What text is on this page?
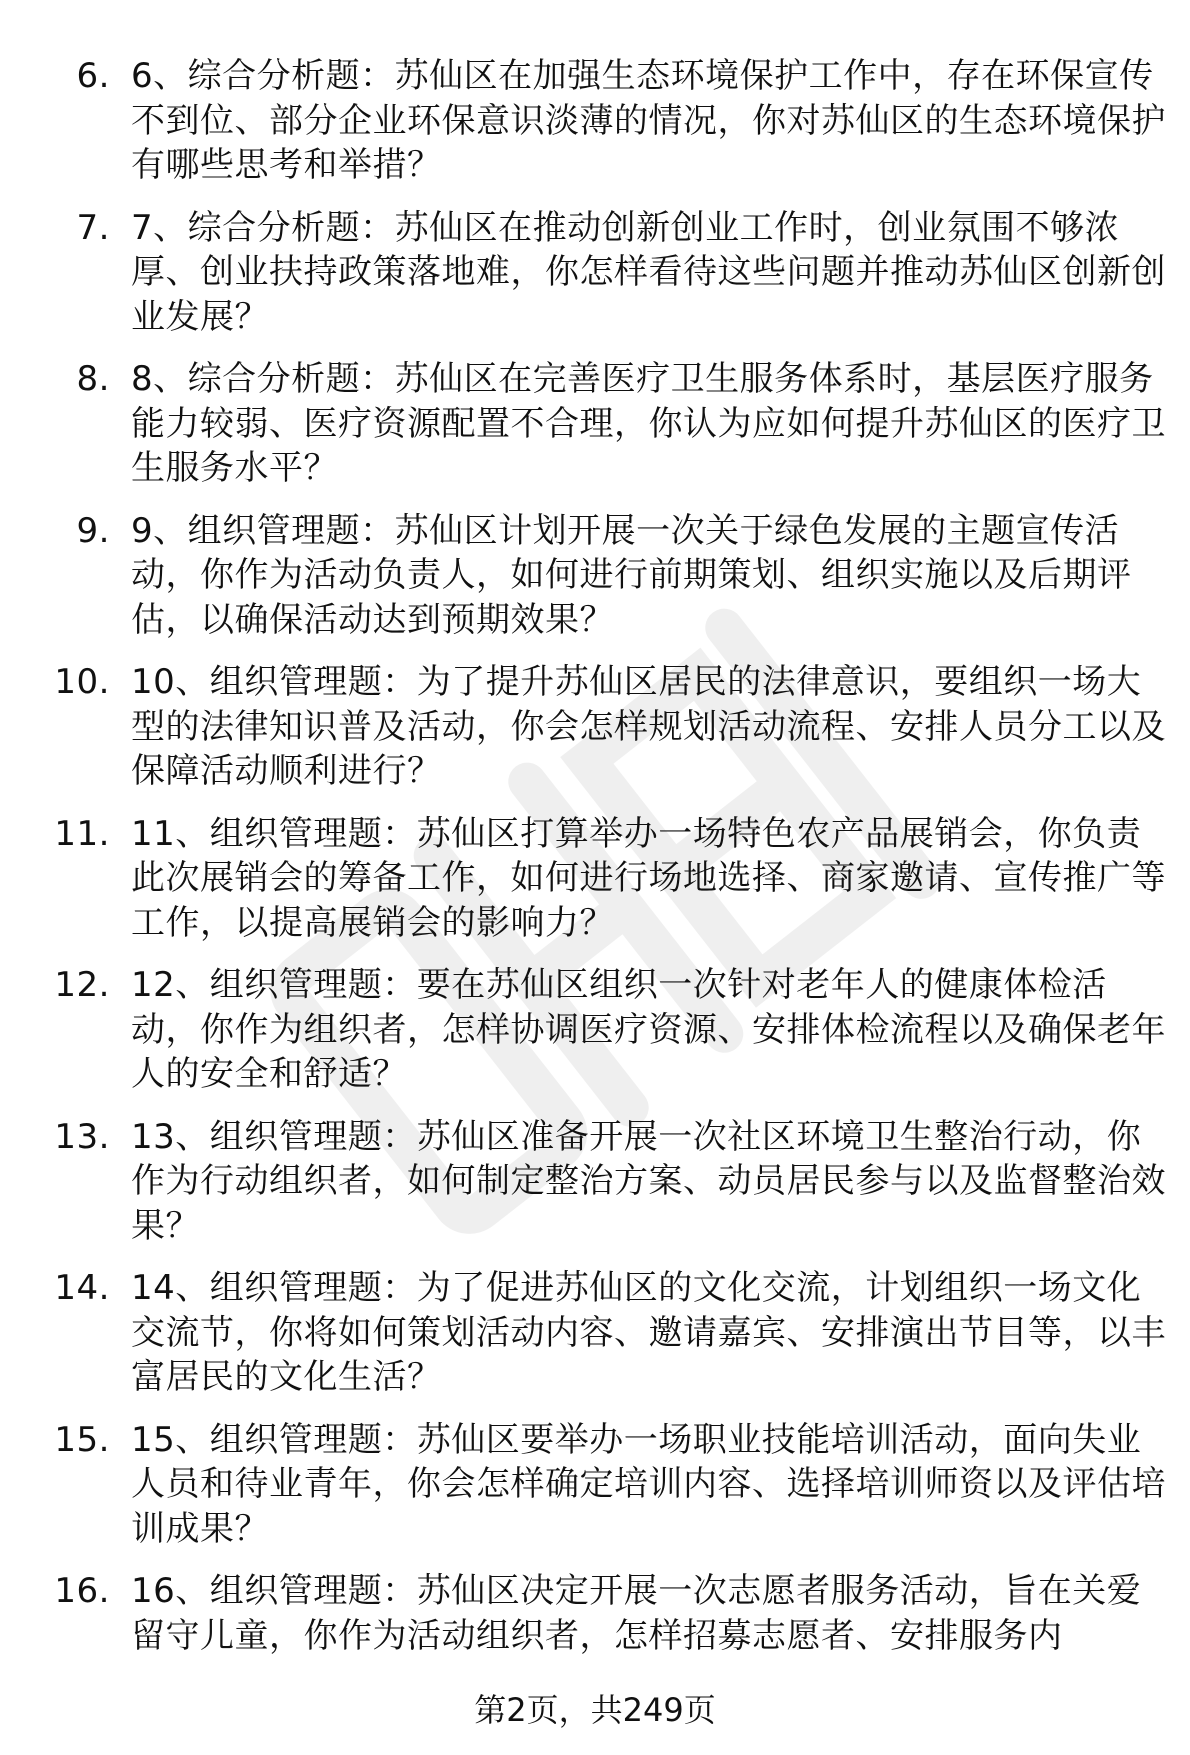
6. 6、综合分析题：苏仙区在加强生态环境保护工作中，存在环保宣传不到位、部分企业环保意识淡薄的情况，你对苏仙区的生态环境保护有哪些思考和举措？
7. 7、综合分析题：苏仙区在推动创新创业工作时，创业氛围不够浓厚、创业扶持政策落地难，你怎样看待这些问题并推动苏仙区创新创业发展？
8. 8、综合分析题：苏仙区在完善医疗卫生服务体系时，基层医疗服务能力较弱、医疗资源配置不合理，你认为应如何提升苏仙区的医疗卫生服务水平？
9. 9、组织管理题：苏仙区计划开展一次关于绿色发展的主题宣传活动，你作为活动负责人，如何进行前期策划、组织实施以及后期评估，以确保活动达到预期效果？
10. 10、组织管理题：为了提升苏仙区居民的法律意识，要组织一场大型的法律知识普及活动，你会怎样规划活动流程、安排人员分工以及保障活动顺利进行？
11. 11、组织管理题：苏仙区打算举办一场特色农产品展销会，你负责此次展销会的筹备工作，如何进行场地选择、商家邀请、宣传推广等工作，以提高展销会的影响力？
12. 12、组织管理题：要在苏仙区组织一次针对老年人的健康体检活动，你作为组织者，怎样协调医疗资源、安排体检流程以及确保老年人的安全和舒适？
13. 13、组织管理题：苏仙区准备开展一次社区环境卫生整治行动，你作为行动组织者，如何制定整治方案、动员居民参与以及监督整治效果？
14. 14、组织管理题：为了促进苏仙区的文化交流，计划组织一场文化交流节，你将如何策划活动内容、邀请嘉宾、安排演出节目等，以丰富居民的文化生活？
15. 15、组织管理题：苏仙区要举办一场职业技能培训活动，面向失业人员和待业青年，你会怎样确定培训内容、选择培训师资以及评估培训成果？
16. 16、组织管理题：苏仙区决定开展一次志愿者服务活动，旨在关爱留守儿童，你作为活动组织者，怎样招募志愿者、安排服务内
第2页，共249页
